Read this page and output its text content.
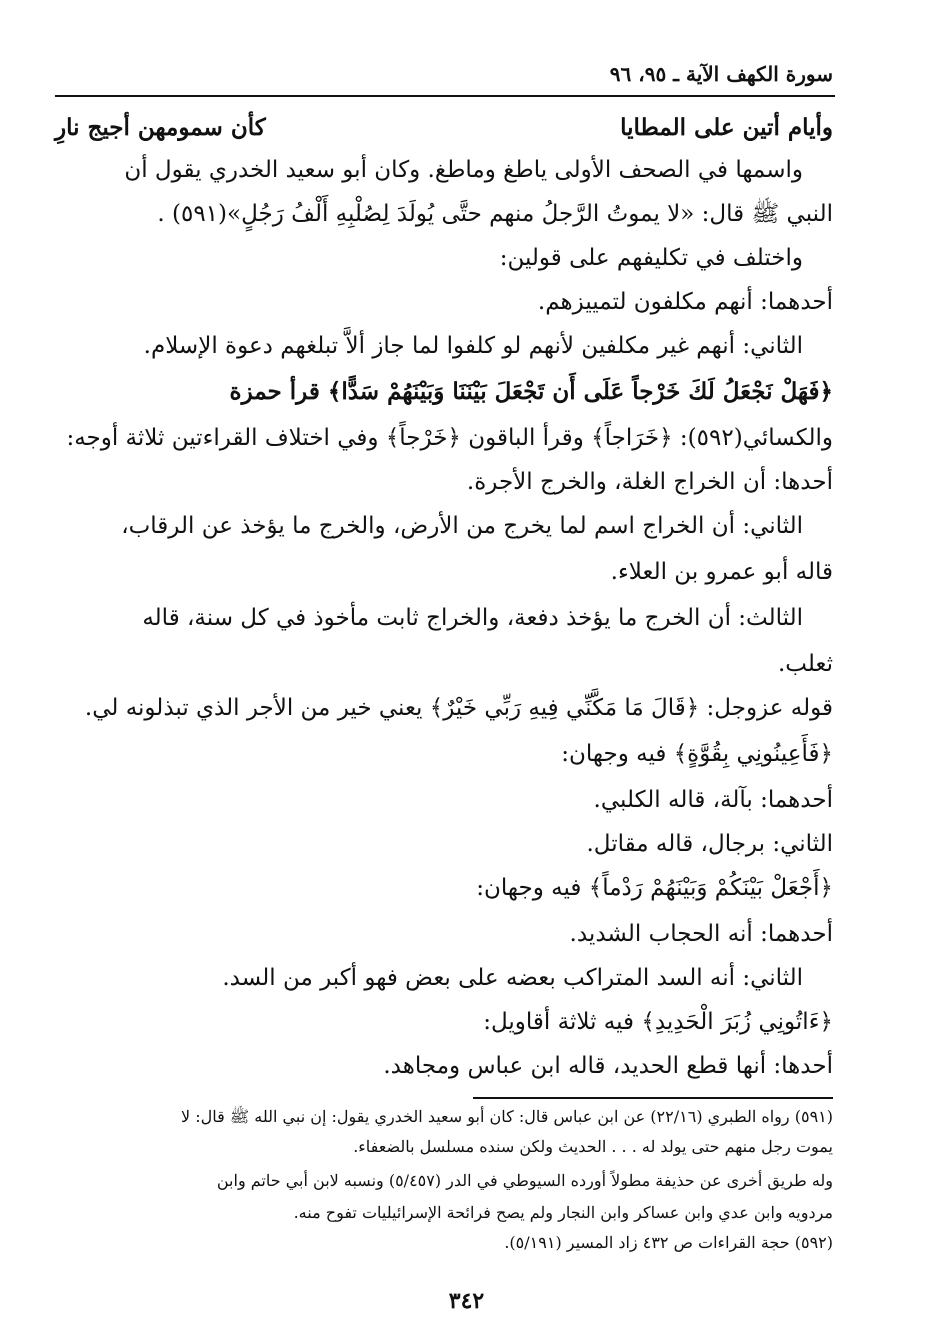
سورة الكهف الآية ـ ٩٥، ٩٦
وأيام أتين على المطايا
كأن سمومهن أجيج نارِ
واسمها في الصحف الأولى ياطغ وماطغ. وكان أبو سعيد الخدري يقول أن
النبي ﷺ قال: «لا يموتُ الرَّجلُ منهم حتَّى يُولَدَ لِصُلْبِهِ أَلْفُ رَجُلٍ»(٥٩١) .
واختلف في تكليفهم على قولين:
أحدهما: أنهم مكلفون لتمييزهم.
الثاني: أنهم غير مكلفين لأنهم لو كلفوا لما جاز ألاَّ تبلغهم دعوة الإسلام.
﴿فَهَلْ نَجْعَلُ لَكَ خَرْجاً عَلَى أَن تَجْعَلَ بَيْنَنَا وَبَيْنَهُمْ سَدًّا﴾ قرأ حمزة
والكسائي(٥٩٢): ﴿خَرَاجاً﴾ وقرأ الباقون ﴿خَرْجاً﴾ وفي اختلاف القراءتين ثلاثة أوجه:
أحدها: أن الخراج الغلة، والخرج الأجرة.
الثاني: أن الخراج اسم لما يخرج من الأرض، والخرج ما يؤخذ عن الرقاب،
قاله أبو عمرو بن العلاء.
الثالث: أن الخرج ما يؤخذ دفعة، والخراج ثابت مأخوذ في كل سنة، قاله
ثعلب.
قوله عزوجل: ﴿قَالَ مَا مَكَّنِّي فِيهِ رَبِّي خَيْرٌ﴾ يعني خير من الأجر الذي تبذلونه لي.
﴿فَأَعِينُونِي بِقُوَّةٍ﴾ فيه وجهان:
أحدهما: بآلة، قاله الكلبي.
الثاني: برجال، قاله مقاتل.
﴿أَجْعَلْ بَيْنَكُمْ وَبَيْنَهُمْ رَدْماً﴾ فيه وجهان:
أحدهما: أنه الحجاب الشديد.
الثاني: أنه السد المتراكب بعضه على بعض فهو أكبر من السد.
﴿ءَاتُونِي زُبَرَ الْحَدِيدِ﴾ فيه ثلاثة أقاويل:
أحدها: أنها قطع الحديد، قاله ابن عباس ومجاهد.
(٥٩١) رواه الطبري (٢٢/١٦) عن ابن عباس قال: كان أبو سعيد الخدري يقول: إن نبي الله ﷺ قال: لا
يموت رجل منهم حتى يولد له . . . الحديث ولكن سنده مسلسل بالضعفاء.
وله طريق أخرى عن حذيفة مطولاً أورده السيوطي في الدر (٥/٤٥٧) ونسبه لابن أبي حاتم وابن
مردويه وابن عدي وابن عساكر وابن النجار ولم يصح فرائحة الإسرائيليات تفوح منه.
(٥٩٢) حجة القراءات ص ٤٣٢ زاد المسير (٥/١٩١).
٣٤٢
